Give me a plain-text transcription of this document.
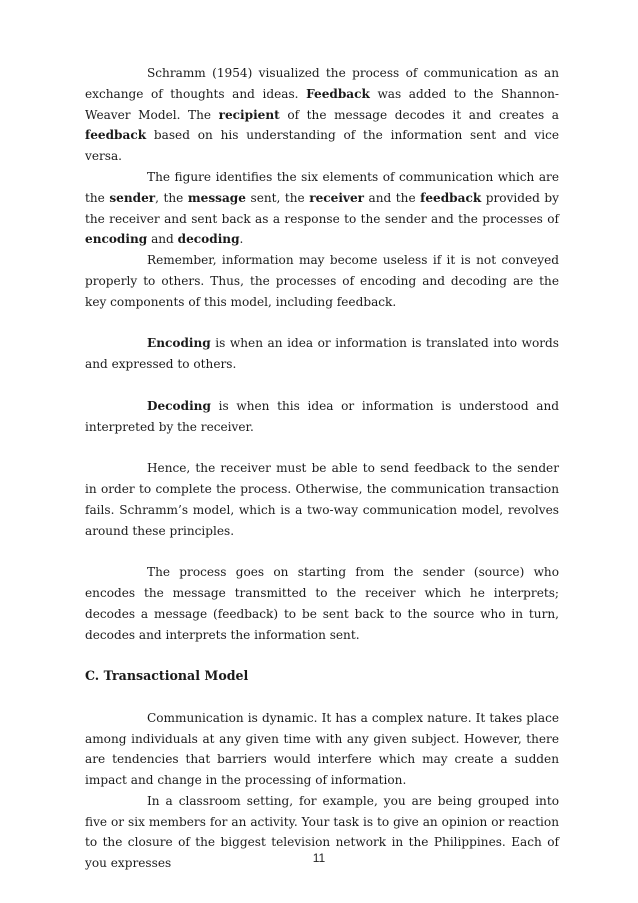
Schramm (1954) visualized the process of communication as an exchange of thoughts and ideas. Feedback was added to the Shannon-Weaver Model. The recipient of the message decodes it and creates a feedback based on his understanding of the information sent and vice versa.

The figure identifies the six elements of communication which are the sender, the message sent, the receiver and the feedback provided by the receiver and sent back as a response to the sender and the processes of encoding and decoding.

Remember, information may become useless if it is not conveyed properly to others. Thus, the processes of encoding and decoding are the key components of this model, including feedback.

Encoding is when an idea or information is translated into words and expressed to others.

Decoding is when this idea or information is understood and interpreted by the receiver.

Hence, the receiver must be able to send feedback to the sender in order to complete the process. Otherwise, the communication transaction fails. Schramm’s model, which is a two-way communication model, revolves around these principles.

The process goes on starting from the sender (source) who encodes the message transmitted to the receiver which he interprets; decodes a message (feedback) to be sent back to the source who in turn, decodes and interprets the information sent.

C. Transactional Model

Communication is dynamic. It has a complex nature. It takes place among individuals at any given time with any given subject. However, there are tendencies that barriers would interfere which may create a sudden impact and change in the processing of information.

In a classroom setting, for example, you are being grouped into five or six members for an activity. Your task is to give an opinion or reaction to the closure of the biggest television network in the Philippines. Each of you expresses	11
